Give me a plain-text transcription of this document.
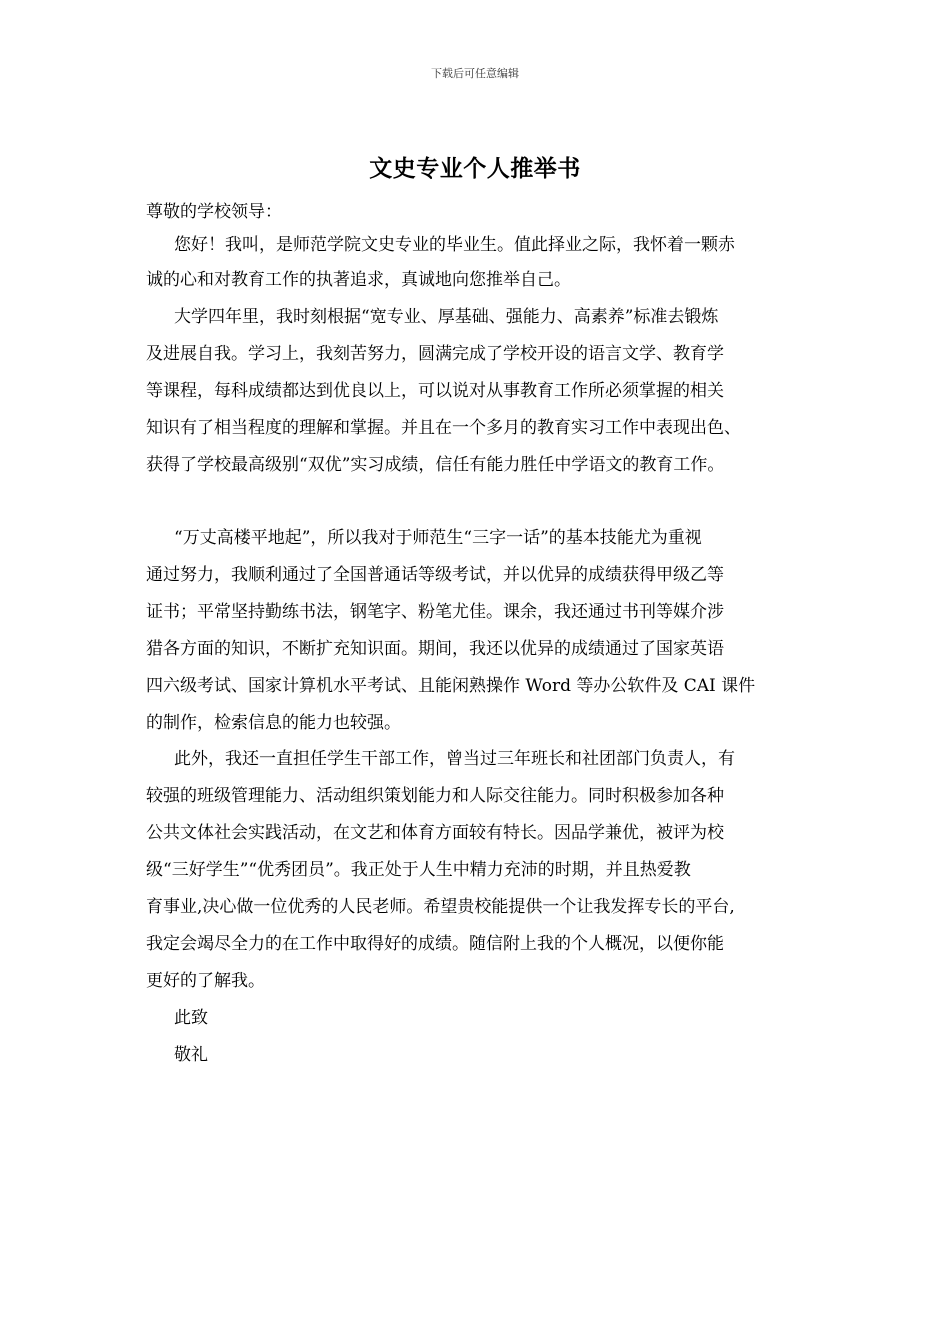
下载后可任意编辑
文史专业个人推举书
尊敬的学校领导：
您好！我叫，是师范学院文史专业的毕业生。值此择业之际，我怀着一颗赤
诚的心和对教育工作的执著追求，真诚地向您推举自己。
大学四年里，我时刻根据“宽专业、厚基础、强能力、高素养”标准去锻炼
及进展自我。学习上，我刻苦努力，圆满完成了学校开设的语言文学、教育学
等课程，每科成绩都达到优良以上，可以说对从事教育工作所必须掌握的相关
知识有了相当程度的理解和掌握。并且在一个多月的教育实习工作中表现出色、
获得了学校最高级别“双优”实习成绩，信任有能力胜任中学语文的教育工作。
“万丈高楼平地起”，所以我对于师范生“三字一话”的基本技能尤为重视
通过努力，我顺利通过了全国普通话等级考试，并以优异的成绩获得甲级乙等
证书；平常坚持勤练书法，钢笔字、粉笔尤佳。课余，我还通过书刊等媒介涉
猎各方面的知识，不断扩充知识面。期间，我还以优异的成绩通过了国家英语
四六级考试、国家计算机水平考试、且能闲熟操作 Word 等办公软件及 CAI 课件
的制作，检索信息的能力也较强。
此外，我还一直担任学生干部工作，曾当过三年班长和社团部门负责人，有
较强的班级管理能力、活动组织策划能力和人际交往能力。同时积极参加各种
公共文体社会实践活动，在文艺和体育方面较有特长。因品学兼优，被评为校
级“三好学生”“优秀团员”。我正处于人生中精力充沛的时期，并且热爱教
育事业,决心做一位优秀的人民老师。希望贵校能提供一个让我发挥专长的平台,
我定会竭尽全力的在工作中取得好的成绩。随信附上我的个人概况，以便你能
更好的了解我。
此致
敬礼
